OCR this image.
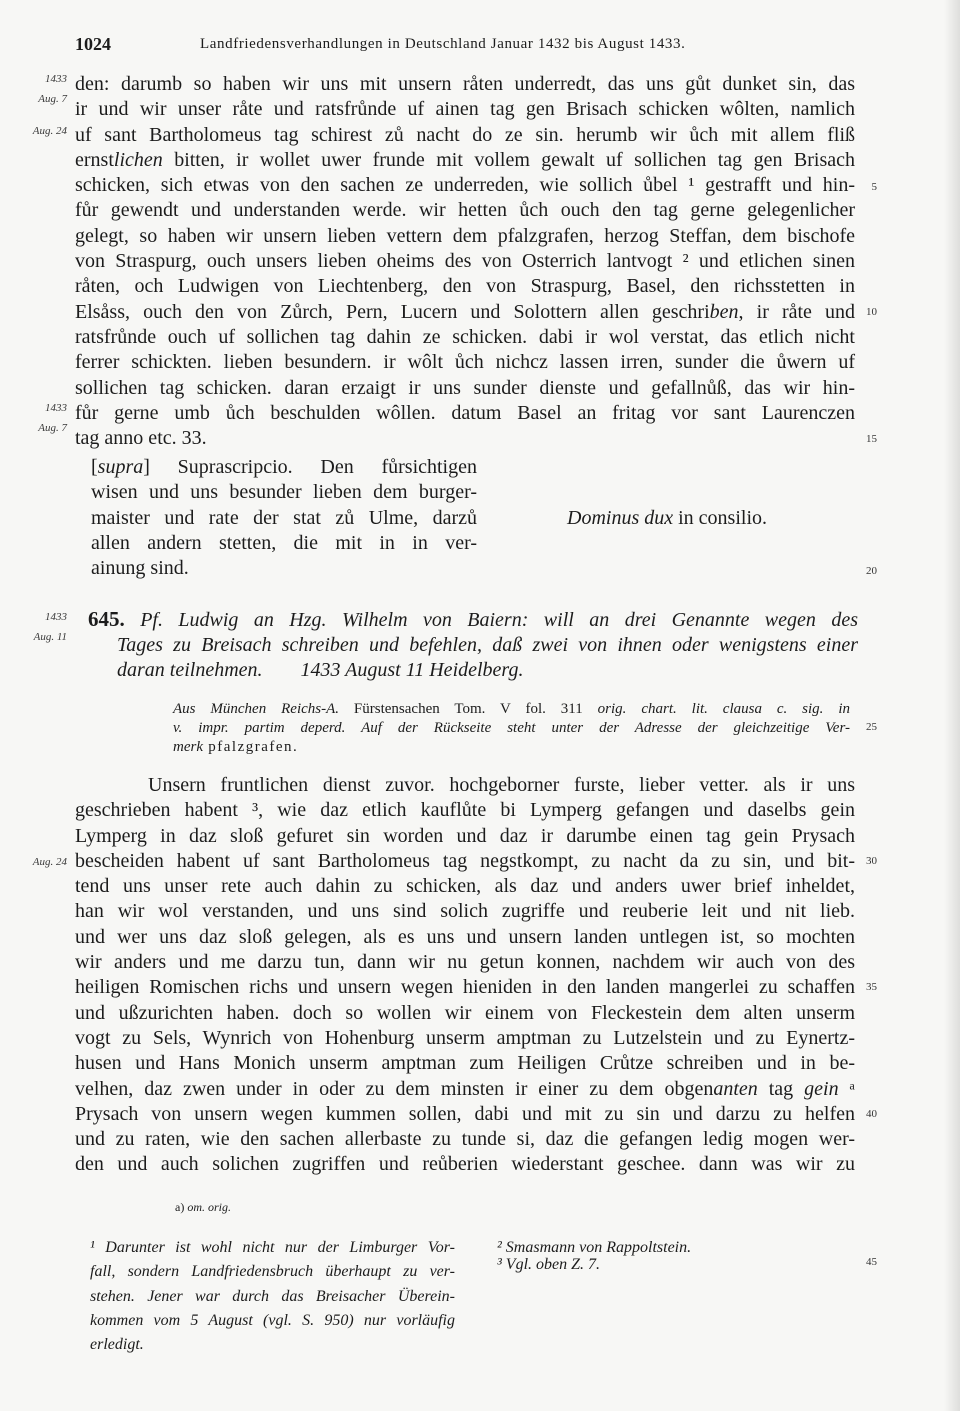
1024	Landfriedensverhandlungen in Deutschland Januar 1432 bis August 1433.
1433
Aug. 7
Aug. 24
1433
Aug. 7
1433
Aug. 11
Aug. 24
5
10
15
20
25
30
35
40
45
den: darumb so haben wir uns mit unsern råten underredt, das uns gůt dunket sin, das
ir und wir unser råte und ratsfrůnde uf ainen tag gen Brisach schicken wôlten, namlich
uf sant Bartholomeus tag schirest zů nacht do ze sin. herumb wir ůch mit allem fliß
ernstlichen bitten, ir wollet uwer frunde mit vollem gewalt uf sollichen tag gen Brisach
schicken, sich etwas von den sachen ze underreden, wie sollich ůbel ¹ gestrafft und hin-
fůr gewendt und understanden werde. wir hetten ůch ouch den tag gerne gelegenlicher
gelegt, so haben wir unsern lieben vettern dem pfalzgrafen, herzog Steffan, dem bischofe
von Straspurg, ouch unsers lieben oheims des von Osterrich lantvogt ² und etlichen sinen
råten, och Ludwigen von Liechtenberg, den von Straspurg, Basel, den richsstetten in
Elsåss, ouch den von Zůrch, Pern, Lucern und Solottern allen geschriben, ir råte und
ratsfrůnde ouch uf sollichen tag dahin ze schicken. dabi ir wol verstat, das etlich nicht
ferrer schickten. lieben besundern. ir wôlt ůch nichcz lassen irren, sunder die ůwern uf
sollichen tag schicken. daran erzaigt ir uns sunder dienste und gefallnůß, das wir hin-
fůr gerne umb ůch beschulden wôllen. datum Basel an fritag vor sant Laurenczen
tag anno etc. 33.
[supra] Suprascripcio. Den fůrsichtigen
wisen und uns besunder lieben dem burger-
maister und rate der stat zů Ulme, darzů
allen andern stetten, die mit in in ver-
ainung sind.
Dominus dux in consilio.
645. Pf. Ludwig an Hzg. Wilhelm von Baiern: will an drei Genannte wegen des
Tages zu Breisach schreiben und befehlen, daß zwei von ihnen oder wenigstens einer
daran teilnehmen. 1433 August 11 Heidelberg.
Aus München Reichs-A. Fürstensachen Tom. V fol. 311 orig. chart. lit. clausa c. sig. in
v. impr. partim deperd. Auf der Rückseite steht unter der Adresse der gleichzeitige Ver-
merk pfalzgrafen.
Unsern fruntlichen dienst zuvor. hochgeborner furste, lieber vetter. als ir uns
geschrieben habent ³, wie daz etlich kauflůte bi Lymperg gefangen und daselbs gein
Lymperg in daz sloß gefuret sin worden und daz ir darumbe einen tag gein Prysach
bescheiden habent uf sant Bartholomeus tag negstkompt, zu nacht da zu sin, und bit-
tend uns unser rete auch dahin zu schicken, als daz und anders uwer brief inheldet,
han wir wol verstanden, und uns sind solich zugriffe und reuberie leit und nit lieb.
und wer uns daz sloß gelegen, als es uns und unsern landen untlegen ist, so mochten
wir anders und me darzu tun, dann wir nu getun konnen, nachdem wir auch von des
heiligen Romischen richs und unsern wegen hieniden in den landen mangerlei zu schaffen
und ußzurichten haben. doch so wollen wir einem von Fleckestein dem alten unserm
vogt zu Sels, Wynrich von Hohenburg unserm amptman zu Lutzelstein und zu Eynertz-
husen und Hans Monich unserm amptman zum Heiligen Crůtze schreiben und in be-
velhen, daz zwen under in oder zu dem minsten ir einer zu dem obgenanten tag gein ᵃ
Prysach von unsern wegen kummen sollen, dabi und mit zu sin und darzu zu helfen
und zu raten, wie den sachen allerbaste zu tunde si, daz die gefangen ledig mogen wer-
den und auch solichen zugriffen und reůberien wiederstant geschee. dann was wir zu
a) om. orig.
¹ Darunter ist wohl nicht nur der Limburger Vor-
fall, sondern Landfriedensbruch überhaupt zu ver-
stehen. Jener war durch das Breisacher Überein-
kommen vom 5 August (vgl. S. 950) nur vorläufig
erledigt.
² Smasmann von Rappoltstein.
³ Vgl. oben Z. 7.
